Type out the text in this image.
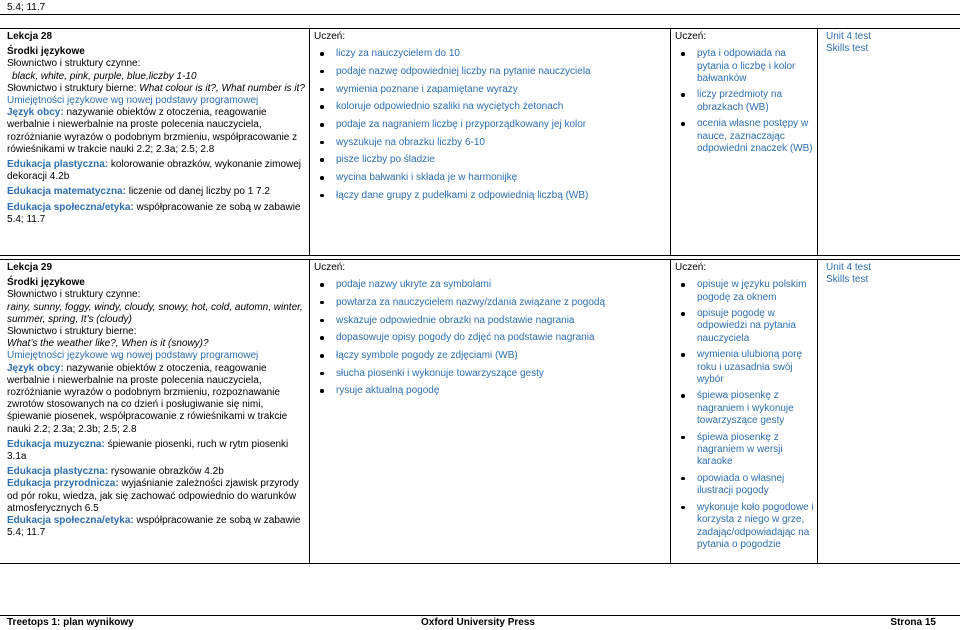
5.4; 11.7

Lekcja 28

Środki językowe

Słownictwo i struktury czynne:

black, white, pink, purple, blue,liczby 1-10

Słownictwo i struktury bierne: What colour is it?, What number is it?

Umiejętności językowe wg nowej podstawy programowej

Język obcy: nazywanie obiektów z otoczenia, reagowanie werbalnie i niewerbalnie na proste polecenia nauczyciela, rozróżnianie wyrazów o podobnym brzmieniu, współpracowanie z rówieśnikami w trakcie nauki 2.2; 2.3a; 2.5; 2.8

Edukacja plastyczna: kolorowanie obrazków, wykonanie zimowej dekoracji 4.2b

Edukacja matematyczna: liczenie od danej liczby po 1 7.2

Edukacja społeczna/etyka: współpracowanie ze sobą w zabawie 5.4; 11.7

Uczeń:

liczy za nauczycielem do 10
podaje nazwę odpowiedniej liczby na pytanie nauczyciela
wymienia poznane i zapamiętane wyrazy
koloruje odpowiednio szaliki na wyciętych żetonach
podaje za nagraniem liczbę i przyporządkowany jej kolor
wyszukuje na obrazku liczby 6-10
pisze liczby po śladzie
wycina bałwanki i składa je w harmonijkę
łączy dane grupy z pudełkami z odpowiednią liczbą (WB)

Uczeń:

pyta i odpowiada na pytania o liczbę i kolor bałwanków
liczy przedmioty na obrazkach (WB)
ocenia własne postępy w nauce, zaznaczając odpowiedni znaczek (WB)

Unit 4 test

Skills test

Lekcja 29

Środki językowe

Słownictwo i struktury czynne:

rainy, sunny, foggy, windy, cloudy, snowy, hot, cold, automn, winter, summer, spring, It’s (cloudy)

Słownictwo i struktury bierne:

What’s the weather like?, When is it (snowy)?

Umiejętności językowe wg nowej podstawy programowej

Język obcy: nazywanie obiektów z otoczenia, reagowanie werbalnie i niewerbalnie na proste polecenia nauczyciela, rozróżnianie wyrazów o podobnym brzmieniu, rozpoznawanie zwrotów stosowanych na co dzień i posługiwanie się nimi, śpiewanie piosenek, współpracowanie z rówieśnikami w trakcie nauki 2.2; 2.3a; 2.3b; 2.5; 2.8

Edukacja muzyczna: śpiewanie piosenki, ruch w rytm piosenki 3.1a

Edukacja plastyczna: rysowanie obrazków 4.2b

Edukacja przyrodnicza: wyjaśnianie zależności zjawisk przyrody od pór roku, wiedza, jak się zachować odpowiednio do warunków atmosferycznych 6.5

Edukacja społeczna/etyka: współpracowanie ze sobą w zabawie 5.4; 11.7

Uczeń:

podaje nazwy ukryte za symbolami
powtarza za nauczycielem nazwy/zdania związane z pogodą
wskazuje odpowiednie obrazki na podstawie nagrania
dopasowuje opisy pogody do zdjęć na podstawie nagrania
łączy symbole pogody ze zdjęciami (WB)
słucha piosenki i wykonuje towarzyszące gesty
rysuje aktualną pogodę

Uczeń:

opisuje w języku polskim pogodę za oknem
opisuje pogodę w odpowiedzi na pytania nauczyciela
wymienia ulubioną porę roku i uzasadnia swój wybór
śpiewa piosenkę z nagraniem i wykonuje towarzyszące gesty
śpiewa piosenkę z nagraniem w wersji karaoke
opowiada o własnej ilustracji pogody
wykonuje koło pogodowe i korzysta z niego w grze, zadając/odpowiadając na pytania o pogodzie

Unit 4 test

Skills test

Treetops 1: plan wynikowy	Oxford University Press	Strona 15
